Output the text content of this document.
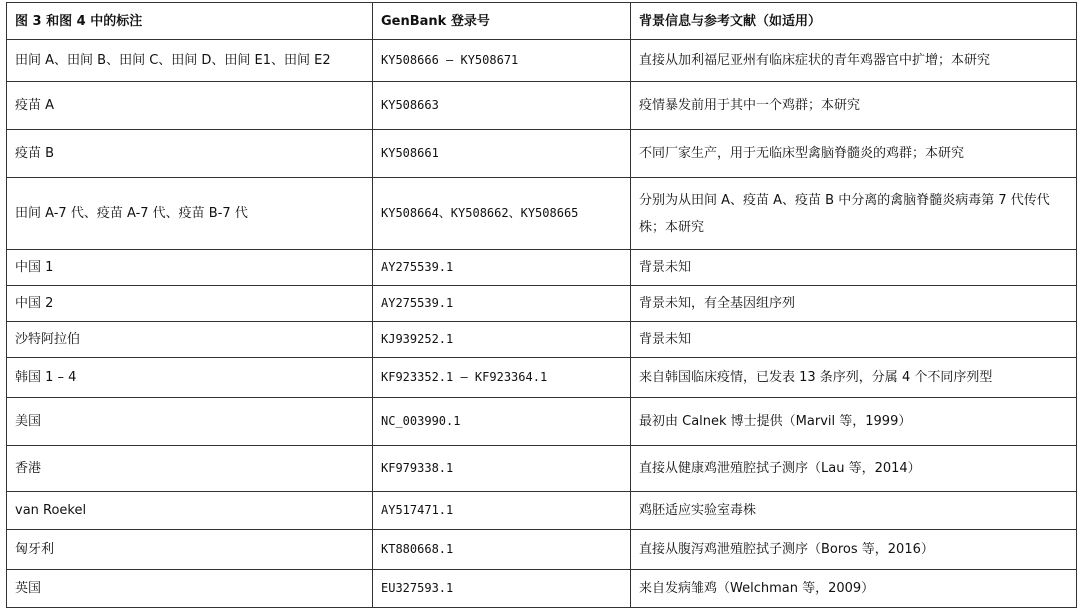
图 3 和图 4 中的标注	GenBank 登录号	背景信息与参考文献（如适用）
田间 A、田间 B、田间 C、田间 D、田间 E1、田间 E2	KY508666 – KY508671	直接从加利福尼亚州有临床症状的青年鸡器官中扩增；本研究
疫苗 A	KY508663	疫情暴发前用于其中一个鸡群；本研究
疫苗 B	KY508661	不同厂家生产，用于无临床型禽脑脊髓炎的鸡群；本研究
田间 A-7 代、疫苗 A-7 代、疫苗 B-7 代	KY508664、KY508662、KY508665	分别为从田间 A、疫苗 A、疫苗 B 中分离的禽脑脊髓炎病毒第 7 代传代株；本研究
中国 1	AY275539.1	背景未知
中国 2	AY275539.1	背景未知，有全基因组序列
沙特阿拉伯	KJ939252.1	背景未知
韩国 1 – 4	KF923352.1 – KF923364.1	来自韩国临床疫情，已发表 13 条序列，分属 4 个不同序列型
美国	NC_003990.1	最初由 Calnek 博士提供（Marvil 等，1999）
香港	KF979338.1	直接从健康鸡泄殖腔拭子测序（Lau 等，2014）
van Roekel	AY517471.1	鸡胚适应实验室毒株
匈牙利	KT880668.1	直接从腹泻鸡泄殖腔拭子测序（Boros 等，2016）
英国	EU327593.1	来自发病雏鸡（Welchman 等，2009）
